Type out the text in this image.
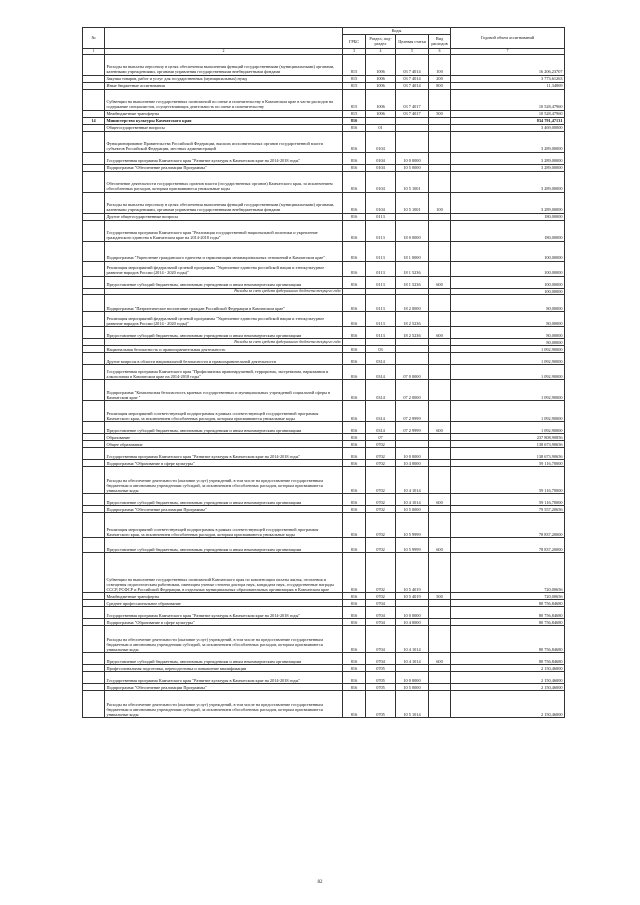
№		Коды				Годовой объем ассигнований
		ГРБС	Раздел, под-раздел	Целевая статья	Вид расходов	
1	2	3	4	5	6	7
	Расходы на выплаты персоналу в целях обеспечения выполнения функций государственными (муниципальными) органами, казенными учреждениями, органами управления государственными внебюджетными фондами	815	1006	03 7 4014	100	16 206,23707
	Закупка товаров, работ и услуг для государственных (муниципальных) нужд	815	1006	03 7 4014	200	3 773,61263
	Иные бюджетные ассигнования	815	1006	03 7 4014	800	11,34869
	Субвенции на выполнение государственных полномочий по опеке и попечительству в Камчатском крае в части расходов на содержание специалистов, осуществляющих деятельность по опеке и попечительству	815	1006	03 7 4017		10 528,47960
	Межбюджетные трансферты	815	1006	03 7 4017	500	10 528,47960
14	Министерство культуры Камчатского края	816				834 791,47131
	Общегосударственные вопросы	816	01			3 469,00000
	Функционирование Правительства Российской Федерации, высших исполнительных органов государственной власти субъектов Российской Федерации, местных администраций	816	0104			3 289,00000
	Государственная программа Камчатского края "Развитие культуры в Камчатском крае на 2014-2018 годы"	816	0104	10 0 0000		3 289,00000
	Подпрограмма "Обеспечение реализации Программы"	816	0104	10 5 0000		3 289,00000
	Обеспечение деятельности государственных органов власти (государственных органов) Камчатского края, за исключением обособленных расходов, которым присваиваются уникальные коды	816	0104	10 5 1001		3 289,00000
	Расходы на выплаты персоналу в целях обеспечения выполнения функций государственными (муниципальными) органами, казенными учреждениями, органами управления государственными внебюджетными фондами	816	0104	10 5 1001	100	3 289,00000
	Другие общегосударственные вопросы	816	0113			180,00000
	Государственная программа Камчатского края "Реализация государственной национальной политики и укрепление гражданского единства в Камчатском крае на 2014-2018 годы"	816	0113	18 0 0000		180,00000
	Подпрограмма "Укрепление гражданского единства и гармонизация межнациональных отношений в Камчатском крае"	816	0113	18 1 0000		100,00000
	Реализация мероприятий федеральной целевой программы "Укрепление единства российской нации и этнокультурное развитие народов России (2014 - 2020 годы)"	816	0113	18 1 5236		100,00000
	Предоставление субсидий бюджетным, автономным учреждениям и иным некоммерческим организациям	816	0113	18 1 5236	600	100,00000
	Расходы за счет средств федерального бюджета текущего года					100,00000
	Подпрограмма "Патриотическое воспитание граждан Российской Федерации в Камчатском крае"	816	0113	18 2 0000		80,00000
	Реализация мероприятий федеральной целевой программы "Укрепление единства российской нации и этнокультурное развитие народов России (2014 - 2020 годы)"	816	0113	18 2 5236		80,00000
	Предоставление субсидий бюджетным, автономным учреждениям и иным некоммерческим организациям	816	0113	18 2 5236	600	80,00000
	Расходы за счет средств федерального бюджета текущего года					80,00000
	Национальная безопасность и правоохранительная деятельность	816	03			1 092,90000
	Другие вопросы в области национальной безопасности и правоохранительной деятельности	816	0314			1 092,90000
	Государственная программа Камчатского края "Профилактика правонарушений, терроризма, экстремизма, наркомании и алкоголизма в Камчатском крае на 2014-2018 годы"	816	0314	07 0 0000		1 092,90000
	Подпрограмма "Комплексная безопасность краевых государственных и муниципальных учреждений социальной сферы в Камчатском крае "	816	0314	07 2 0000		1 092,90000
	Реализация мероприятий соответствующей подпрограммы в рамках соответствующей государственной программы Камчатского края, за исключением обособленных расходов, которым присваиваются уникальные коды	816	0314	07 2 9999		1 092,90000
	Предоставление субсидий бюджетным, автономным учреждениям и иным некоммерческим организациям	816	0314	07 2 9999	600	1 092,90000
	Образование	816	07			237 808,90856
	Общее образование	816	0702			138 673,90656
	Государственная программа Камчатского края "Развитие культуры в Камчатском крае на 2014-2018 годы"	816	0702	10 0 0000		138 673,90656
	Подпрограмма "Образование в сфере культуры"	816	0702	10 4 0000		59 116,70000
	Расходы на обеспечение деятельности (оказание услуг) учреждений, в том числе на предоставление государственным бюджетным и автономным учреждениям субсидий, за исключением обособленных расходов, которым присваиваются уникальные коды	816	0702	10 4 1014		59 116,70000
	Предоставление субсидий бюджетным, автономным учреждениям и иным некоммерческим организациям	816	0702	10 4 1014	600	59 116,70000
	Подпрограмма "Обеспечение реализации Программы"	816	0702	10 5 0000		79 557,20656
	Реализация мероприятий соответствующей подпрограммы в рамках соответствующей государственной программы Камчатского края, за исключением обособленных расходов, которым присваиваются уникальные коды	816	0702	10 5 9999		78 837,20000
	Предоставление субсидий бюджетным, автономным учреждениям и иным некоммерческим организациям	816	0702	10 5 9999	600	78 837,20000
	Субвенции на выполнение государственных полномочий Камчатского края по компенсации оплаты жилья, отопления и освещения педагогическим работникам, имеющим ученые степени доктора наук, кандидата наук, государственные награды СССР, РСФСР и Российской Федерации, в отдельных муниципальных образовательных организациях в Камчатском крае	816	0702	10 5 4019		720,00656
	Межбюджетные трансферты	816	0702	10 5 4019	500	720,00656
	Среднее профессиональное образование	816	0704			80 756,84680
	Государственная программа Камчатского края "Развитие культуры в Камчатском крае на 2014-2018 годы"	816	0704	10 0 0000		80 756,84680
	Подпрограмма "Образование в сфере культуры"	816	0704	10 4 0000		80 756,84680
	Расходы на обеспечение деятельности (оказание услуг) учреждений, в том числе на предоставление государственным бюджетным и автономным учреждениям субсидий, за исключением обособленных расходов, которым присваиваются уникальные коды	816	0704	10 4 1014		80 756,84680
	Предоставление субсидий бюджетным, автономным учреждениям и иным некоммерческим организациям	816	0704	10 4 1014	600	80 756,84680
	Профессиональная подготовка, переподготовка и повышение квалификации	816	0705			2 150,46000
	Государственная программа Камчатского края "Развитие культуры в Камчатском крае на 2014-2018 годы"	816	0705	10 0 0000		2 150,46000
	Подпрограмма "Обеспечение реализации Программы"	816	0705	10 5 0000		2 150,46000
	Расходы на обеспечение деятельности (оказание услуг) учреждений, в том числе на предоставление государственным бюджетным и автономным учреждениям субсидий, за исключением обособленных расходов, которым присваиваются уникальные коды	816	0705	10 5 1014		2 150,46000
82
